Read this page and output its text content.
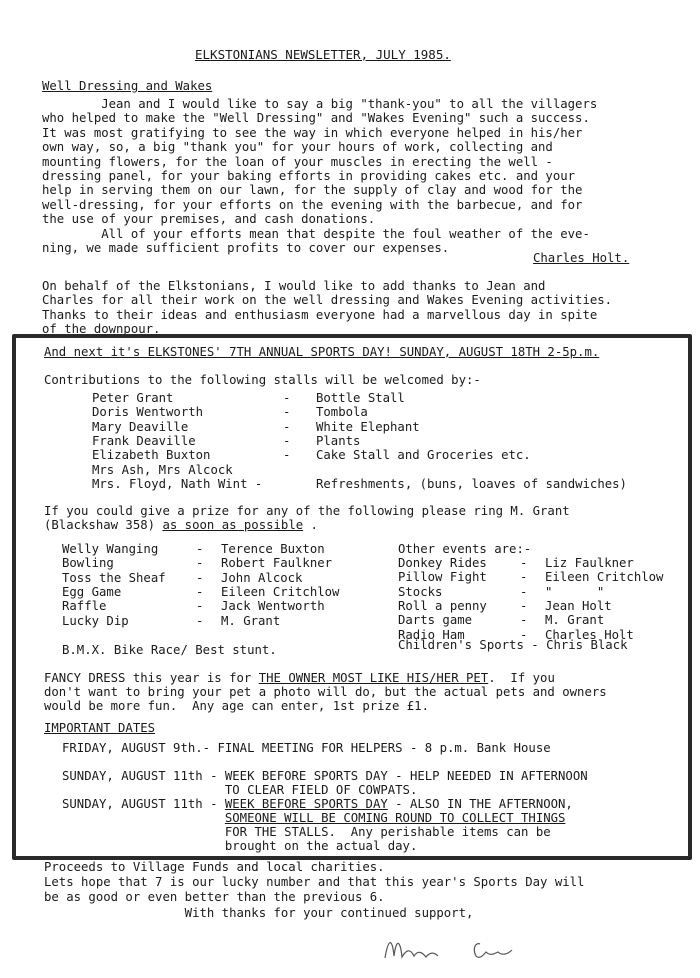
ELKSTONIANS NEWSLETTER, JULY 1985.
Well Dressing and Wakes
Jean and I would like to say a big "thank-you" to all the villagers
who helped to make the "Well Dressing" and "Wakes Evening" such a success.
It was most gratifying to see the way in which everyone helped in his/her
own way, so, a big "thank you" for your hours of work, collecting and
mounting flowers, for the loan of your muscles in erecting the well -
dressing panel, for your baking efforts in providing cakes etc. and your
help in serving them on our lawn, for the supply of clay and wood for the
well-dressing, for your efforts on the evening with the barbecue, and for
the use of your premises, and cash donations.
All of your efforts mean that despite the foul weather of the eve-
ning, we made sufficient profits to cover our expenses.
Charles Holt.
On behalf of the Elkstonians, I would like to add thanks to Jean and
Charles for all their work on the well dressing and Wakes Evening activities.
Thanks to their ideas and enthusiasm everyone had a marvellous day in spite
of the downpour.
And next it's ELKSTONES' 7TH ANNUAL SPORTS DAY! SUNDAY, AUGUST 18TH 2-5p.m.
Contributions to the following stalls will be welcomed by:-
Peter Grant	- Bottle Stall
Doris Wentworth	- Tombola
Mary Deaville	- White Elephant
Frank Deaville	- Plants
Elizabeth Buxton	- Cake Stall and Groceries etc.
Mrs Ash, Mrs Alcock
Mrs. Floyd, Nath Wint -	Refreshments, (buns, loaves of sandwiches)
If you could give a prize for any of the following please ring M. Grant
(Blackshaw 358) as soon as possible .
Welly Wanging	- Terence Buxton
Bowling	- Robert Faulkner
Toss the Sheaf - John Alcock
Egg Game	- Eileen Critchlow
Raffle	- Jack Wentworth
Lucky Dip	- M. Grant
Other events are:-
Donkey Rides	- Liz Faulkner
Pillow Fight	- Eileen Critchlow
Stocks	- "      "
Roll a penny	- Jean Holt
Darts game	- M. Grant
Radio Ham	- Charles Holt
Children's Sports - Chris Black
B.M.X. Bike Race/ Best stunt.
FANCY DRESS this year is for THE OWNER MOST LIKE HIS/HER PET.  If you
don't want to bring your pet a photo will do, but the actual pets and owners
would be more fun.  Any age can enter, 1st prize £1.
IMPORTANT DATES
FRIDAY, AUGUST 9th.- FINAL MEETING FOR HELPERS - 8 p.m. Bank House
SUNDAY, AUGUST 11th - WEEK BEFORE SPORTS DAY - HELP NEEDED IN AFTERNOON
TO CLEAR FIELD OF COWPATS.
SUNDAY, AUGUST 11th - WEEK BEFORE SPORTS DAY - ALSO IN THE AFTERNOON,
SOMEONE WILL BE COMING ROUND TO COLLECT THINGS
FOR THE STALLS.  Any perishable items can be
brought on the actual day.
Proceeds to Village Funds and local charities.
Lets hope that 7 is our lucky number and that this year's Sports Day will
be as good or even better than the previous 6.
With thanks for your continued support,
